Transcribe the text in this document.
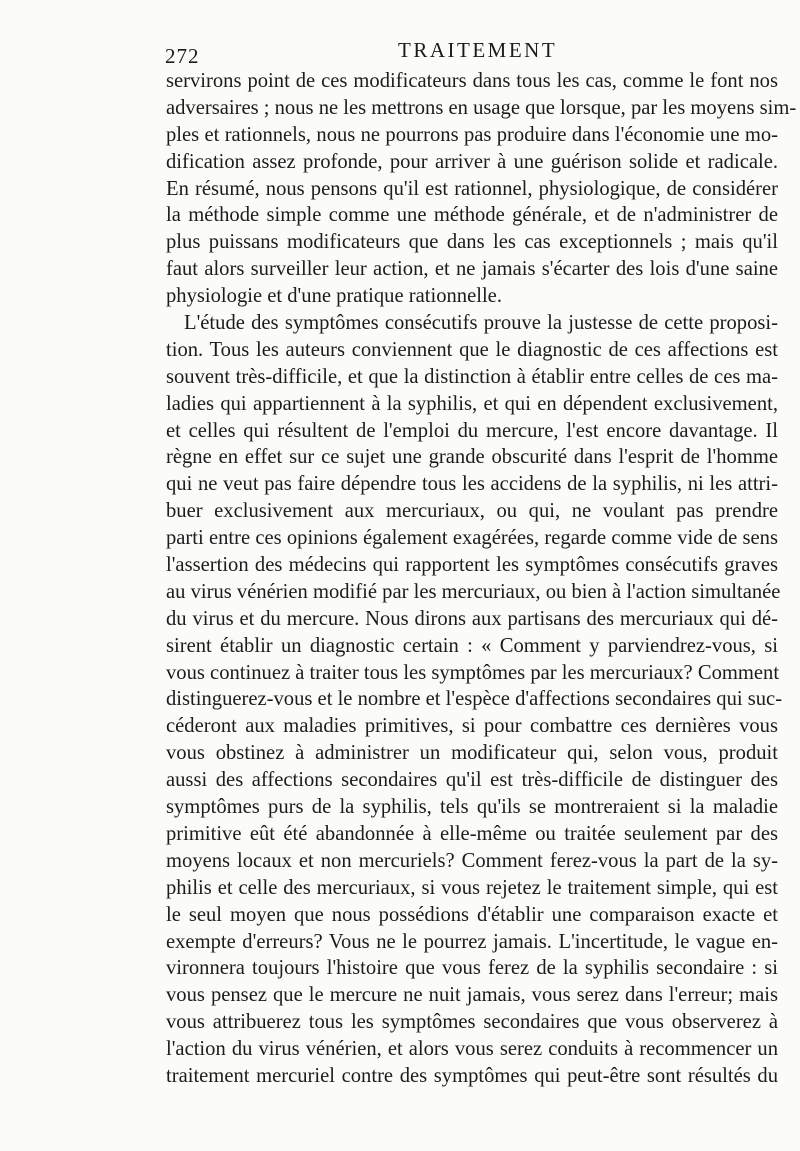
272	TRAITEMENT

servirons point de ces modificateurs dans tous les cas, comme le font nos
adversaires ; nous ne les mettrons en usage que lorsque, par les moyens sim-
ples et rationnels, nous ne pourrons pas produire dans l'économie une mo-
dification assez profonde, pour arriver à une guérison solide et radicale.
En résumé, nous pensons qu'il est rationnel, physiologique, de considérer
la méthode simple comme une méthode générale, et de n'administrer de
plus puissans modificateurs que dans les cas exceptionnels ; mais qu'il
faut alors surveiller leur action, et ne jamais s'écarter des lois d'une saine
physiologie et d'une pratique rationnelle.

L'étude des symptômes consécutifs prouve la justesse de cette proposi-
tion. Tous les auteurs conviennent que le diagnostic de ces affections est
souvent très-difficile, et que la distinction à établir entre celles de ces ma-
ladies qui appartiennent à la syphilis, et qui en dépendent exclusivement,
et celles qui résultent de l'emploi du mercure, l'est encore davantage. Il
règne en effet sur ce sujet une grande obscurité dans l'esprit de l'homme
qui ne veut pas faire dépendre tous les accidens de la syphilis, ni les attri-
buer exclusivement aux mercuriaux, ou qui, ne voulant pas prendre
parti entre ces opinions également exagérées, regarde comme vide de sens
l'assertion des médecins qui rapportent les symptômes consécutifs graves
au virus vénérien modifié par les mercuriaux, ou bien à l'action simultanée
du virus et du mercure. Nous dirons aux partisans des mercuriaux qui dé-
sirent établir un diagnostic certain : « Comment y parviendrez-vous, si
vous continuez à traiter tous les symptômes par les mercuriaux? Comment
distinguerez-vous et le nombre et l'espèce d'affections secondaires qui suc-
céderont aux maladies primitives, si pour combattre ces dernières vous
vous obstinez à administrer un modificateur qui, selon vous, produit
aussi des affections secondaires qu'il est très-difficile de distinguer des
symptômes purs de la syphilis, tels qu'ils se montreraient si la maladie
primitive eût été abandonnée à elle-même ou traitée seulement par des
moyens locaux et non mercuriels? Comment ferez-vous la part de la sy-
philis et celle des mercuriaux, si vous rejetez le traitement simple, qui est
le seul moyen que nous possédions d'établir une comparaison exacte et
exempte d'erreurs? Vous ne le pourrez jamais. L'incertitude, le vague en-
vironnera toujours l'histoire que vous ferez de la syphilis secondaire : si
vous pensez que le mercure ne nuit jamais, vous serez dans l'erreur; mais
vous attribuerez tous les symptômes secondaires que vous observerez à
l'action du virus vénérien, et alors vous serez conduits à recommencer un
traitement mercuriel contre des symptômes qui peut-être sont résultés du
